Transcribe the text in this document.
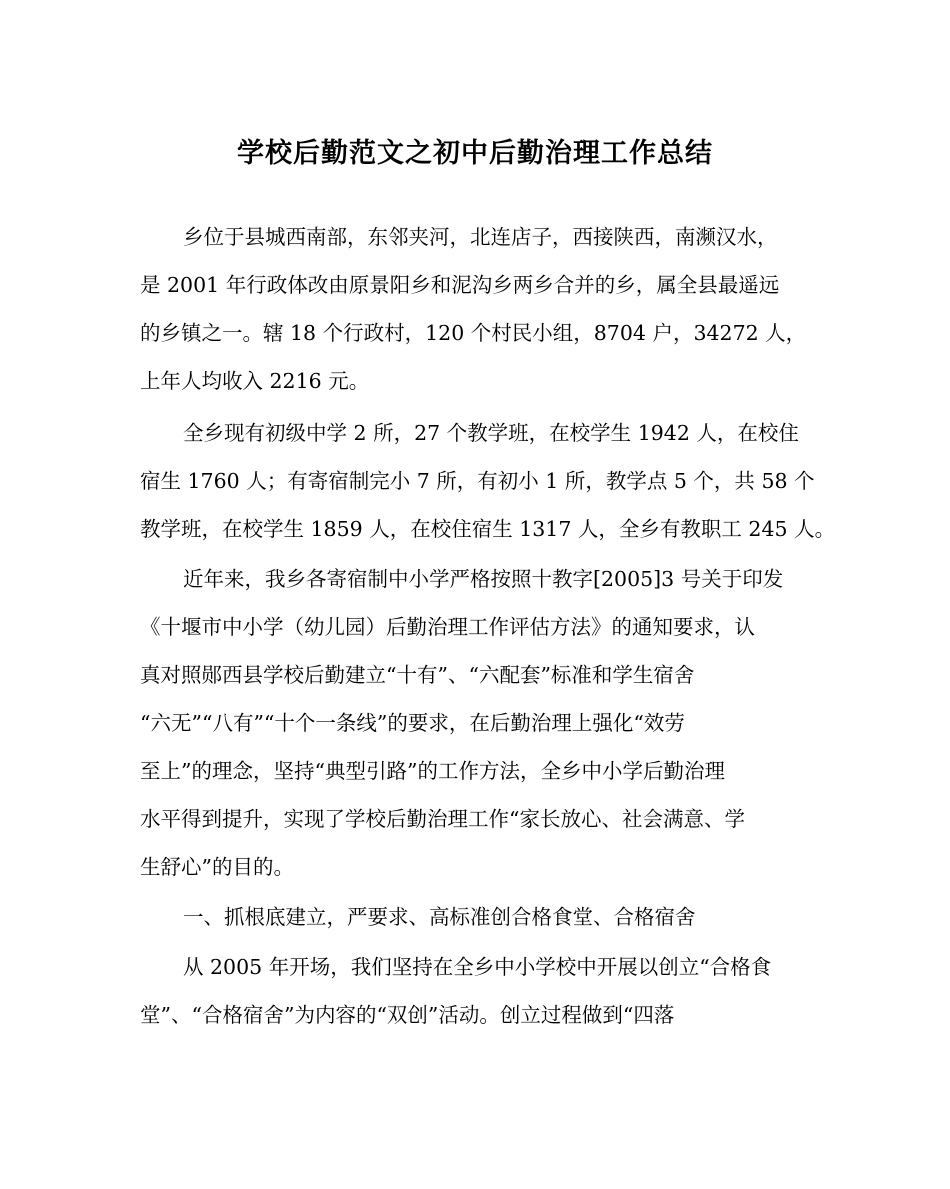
学校后勤范文之初中后勤治理工作总结
乡位于县城西南部，东邻夹河，北连店子，西接陕西，南濒汉水，
是 2001 年行政体改由原景阳乡和泥沟乡两乡合并的乡，属全县最遥远
的乡镇之一。辖 18 个行政村，120 个村民小组，8704 户，34272 人，
上年人均收入 2216 元。
全乡现有初级中学 2 所，27 个教学班，在校学生 1942 人，在校住
宿生 1760 人；有寄宿制完小 7 所，有初小 1 所，教学点 5 个，共 58 个
教学班，在校学生 1859 人，在校住宿生 1317 人，全乡有教职工 245 人。
近年来，我乡各寄宿制中小学严格按照十教字[2005]3 号关于印发
《十堰市中小学（幼儿园）后勤治理工作评估方法》的通知要求，认
真对照郧西县学校后勤建立“十有”、“六配套”标准和学生宿舍
“六无”“八有”“十个一条线”的要求，在后勤治理上强化“效劳
至上”的理念，坚持“典型引路”的工作方法，全乡中小学后勤治理
水平得到提升，实现了学校后勤治理工作“家长放心、社会满意、学
生舒心”的目的。
一、抓根底建立，严要求、高标准创合格食堂、合格宿舍
从 2005 年开场，我们坚持在全乡中小学校中开展以创立“合格食
堂”、“合格宿舍”为内容的“双创”活动。创立过程做到“四落
